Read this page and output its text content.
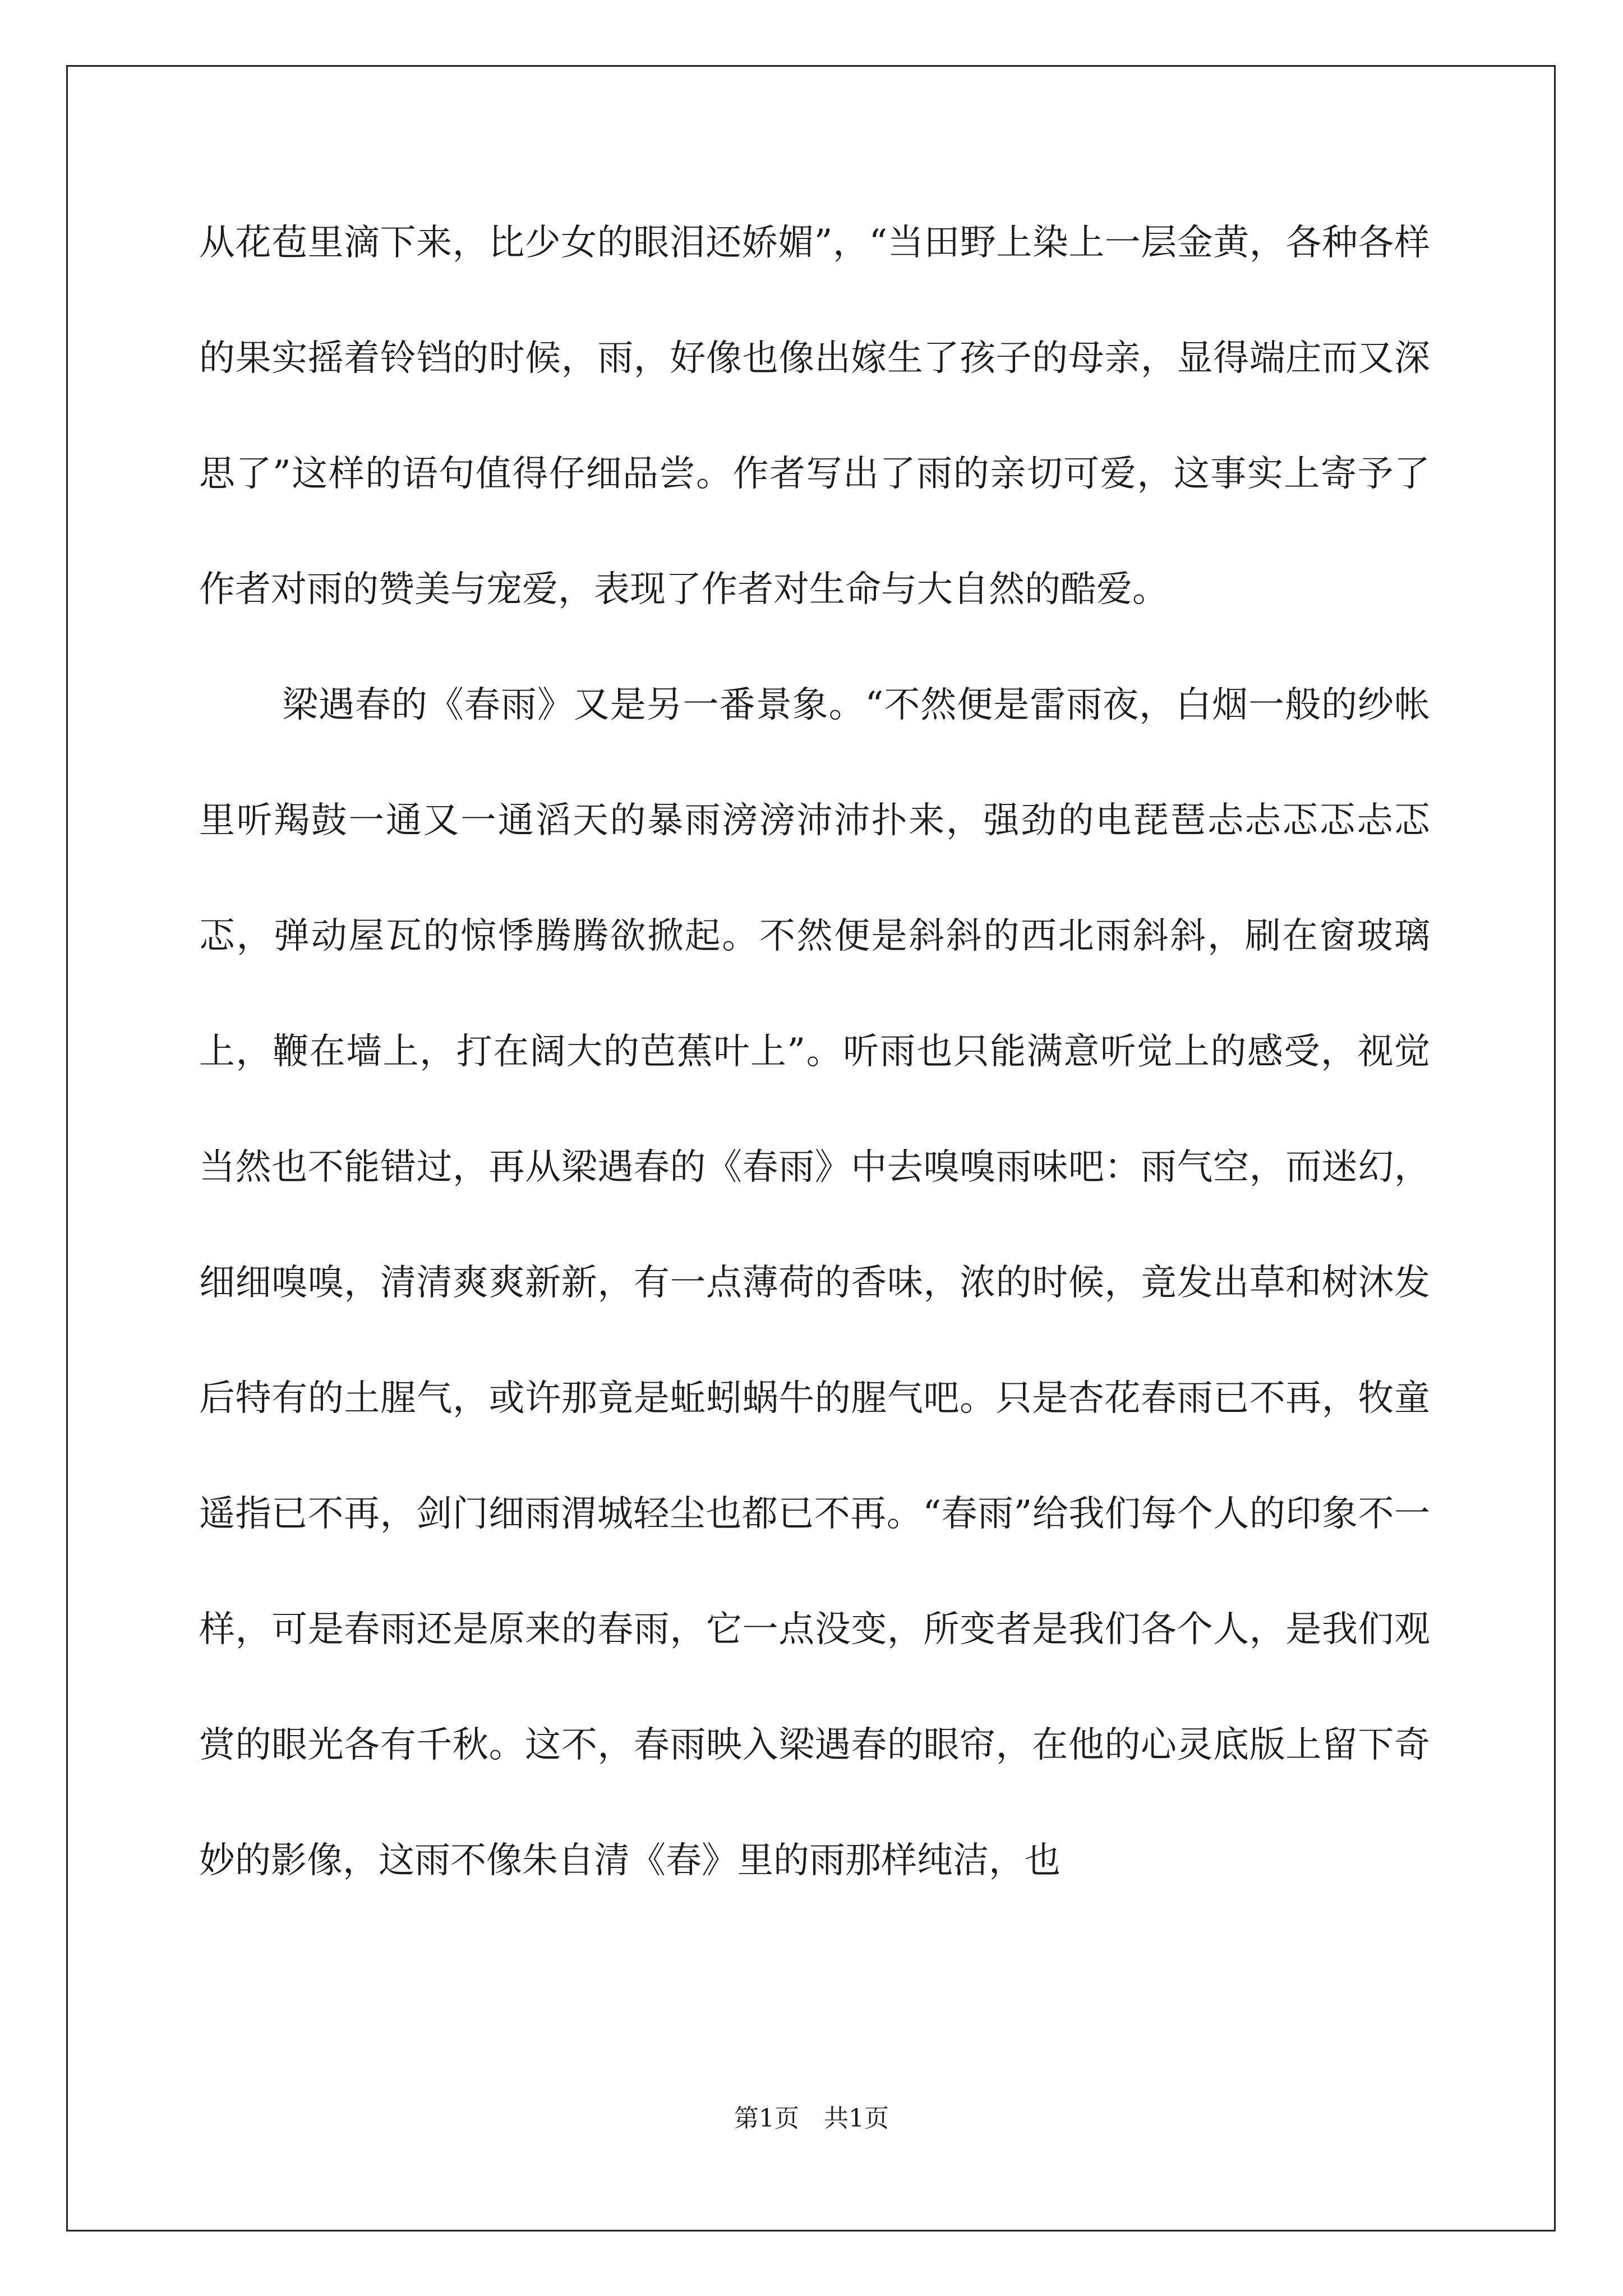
从花苞里滴下来，比少女的眼泪还娇媚”，“当田野上染上一层金黄，各种各样的果实摇着铃铛的时候，雨，好像也像出嫁生了孩子的母亲，显得端庄而又深思了”这样的语句值得仔细品尝。作者写出了雨的亲切可爱，这事实上寄予了作者对雨的赞美与宠爱，表现了作者对生命与大自然的酷爱。

梁遇春的《春雨》又是另一番景象。“不然便是雷雨夜，白烟一般的纱帐里听羯鼓一通又一通滔天的暴雨滂滂沛沛扑来，强劲的电琵琶忐忐忑忑忐忑忑，弹动屋瓦的惊悸腾腾欲掀起。不然便是斜斜的西北雨斜斜，刷在窗玻璃上，鞭在墙上，打在阔大的芭蕉叶上”。听雨也只能满意听觉上的感受，视觉当然也不能错过，再从梁遇春的《春雨》中去嗅嗅雨味吧：雨气空，而迷幻，细细嗅嗅，清清爽爽新新，有一点薄荷的香味，浓的时候，竟发出草和树沐发后特有的土腥气，或许那竟是蚯蚓蜗牛的腥气吧。只是杏花春雨已不再，牧童遥指已不再，剑门细雨渭城轻尘也都已不再。“春雨”给我们每个人的印象不一样，可是春雨还是原来的春雨，它一点没变，所变者是我们各个人，是我们观赏的眼光各有千秋。这不，春雨映入梁遇春的眼帘，在他的心灵底版上留下奇妙的影像，这雨不像朱自清《春》里的雨那样纯洁，也

第1页　共1页
